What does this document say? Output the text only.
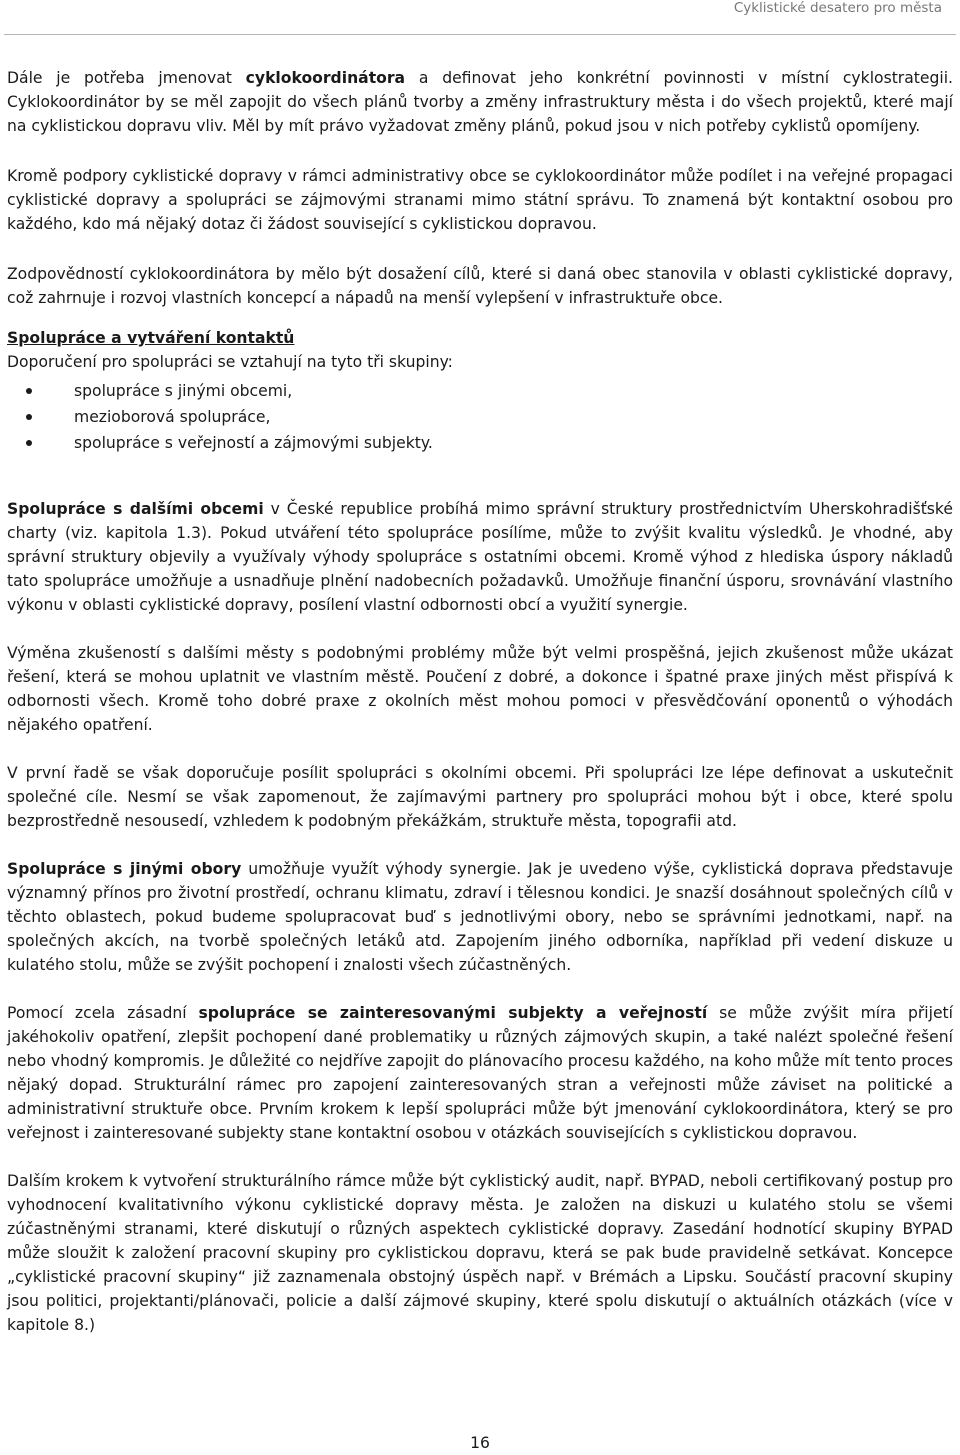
Cyklistické desatero pro města

Dále je potřeba jmenovat cyklokoordinátora a definovat jeho konkrétní povinnosti v místní cyklostrategii. Cyklokoordinátor by se měl zapojit do všech plánů tvorby a změny infrastruktury města i do všech projektů, které mají na cyklistickou dopravu vliv. Měl by mít právo vyžadovat změny plánů, pokud jsou v nich potřeby cyklistů opomíjeny.

Kromě podpory cyklistické dopravy v rámci administrativy obce se cyklokoordinátor může podílet i na veřejné propagaci cyklistické dopravy a spolupráci se zájmovými stranami mimo státní správu. To znamená být kontaktní osobou pro každého, kdo má nějaký dotaz či žádost související s cyklistickou dopravou.

Zodpovědností cyklokoordinátora by mělo být dosažení cílů, které si daná obec stanovila v oblasti cyklistické dopravy, což zahrnuje i rozvoj vlastních koncepcí a nápadů na menší vylepšení v infrastruktuře obce.

Spolupráce a vytváření kontaktů

Doporučení pro spolupráci se vztahují na tyto tři skupiny:

spolupráce s jinými obcemi,
mezioborová spolupráce,
spolupráce s veřejností a zájmovými subjekty.

Spolupráce s dalšími obcemi v České republice probíhá mimo správní struktury prostřednictvím Uherskohradišťské charty (viz. kapitola 1.3). Pokud utváření této spolupráce posílíme, může to zvýšit kvalitu výsledků. Je vhodné, aby správní struktury objevily a využívaly výhody spolupráce s ostatními obcemi. Kromě výhod z hlediska úspory nákladů tato spolupráce umožňuje a usnadňuje plnění nadobecních požadavků. Umožňuje finanční úsporu, srovnávání vlastního výkonu v oblasti cyklistické dopravy, posílení vlastní odbornosti obcí a využití synergie.

Výměna zkušeností s dalšími městy s podobnými problémy může být velmi prospěšná, jejich zkušenost může ukázat řešení, která se mohou uplatnit ve vlastním městě. Poučení z dobré, a dokonce i špatné praxe jiných měst přispívá k odbornosti všech. Kromě toho dobré praxe z okolních měst mohou pomoci v přesvědčování oponentů o výhodách nějakého opatření.

V první řadě se však doporučuje posílit spolupráci s okolními obcemi. Při spolupráci lze lépe definovat a uskutečnit společné cíle. Nesmí se však zapomenout, že zajímavými partnery pro spolupráci mohou být i obce, které spolu bezprostředně nesousedí, vzhledem k podobným překážkám, struktuře města, topografii atd.

Spolupráce s jinými obory umožňuje využít výhody synergie. Jak je uvedeno výše, cyklistická doprava představuje významný přínos pro životní prostředí, ochranu klimatu, zdraví i tělesnou kondici. Je snazší dosáhnout společných cílů v těchto oblastech, pokud budeme spolupracovat buď s jednotlivými obory, nebo se správními jednotkami, např. na společných akcích, na tvorbě společných letáků atd. Zapojením jiného odborníka, například při vedení diskuze u kulatého stolu, může se zvýšit pochopení i znalosti všech zúčastněných.

Pomocí zcela zásadní spolupráce se zainteresovanými subjekty a veřejností se může zvýšit míra přijetí jakéhokoliv opatření, zlepšit pochopení dané problematiky u různých zájmových skupin, a také nalézt společné řešení nebo vhodný kompromis. Je důležité co nejdříve zapojit do plánovacího procesu každého, na koho může mít tento proces nějaký dopad. Strukturální rámec pro zapojení zainteresovaných stran a veřejnosti může záviset na politické a administrativní struktuře obce. Prvním krokem k lepší spolupráci může být jmenování cyklokoordinátora, který se pro veřejnost i zainteresované subjekty stane kontaktní osobou v otázkách souvisejících s cyklistickou dopravou.

Dalším krokem k vytvoření strukturálního rámce může být cyklistický audit, např. BYPAD, neboli certifikovaný postup pro vyhodnocení kvalitativního výkonu cyklistické dopravy města. Je založen na diskuzi u kulatého stolu se všemi zúčastněnými stranami, které diskutují o různých aspektech cyklistické dopravy. Zasedání hodnotící skupiny BYPAD může sloužit k založení pracovní skupiny pro cyklistickou dopravu, která se pak bude pravidelně setkávat. Koncepce „cyklistické pracovní skupiny“ již zaznamenala obstojný úspěch např. v Brémách a Lipsku. Součástí pracovní skupiny jsou politici, projektanti/plánovači, policie a další zájmové skupiny, které spolu diskutují o aktuálních otázkách (více v kapitole 8.)

16
